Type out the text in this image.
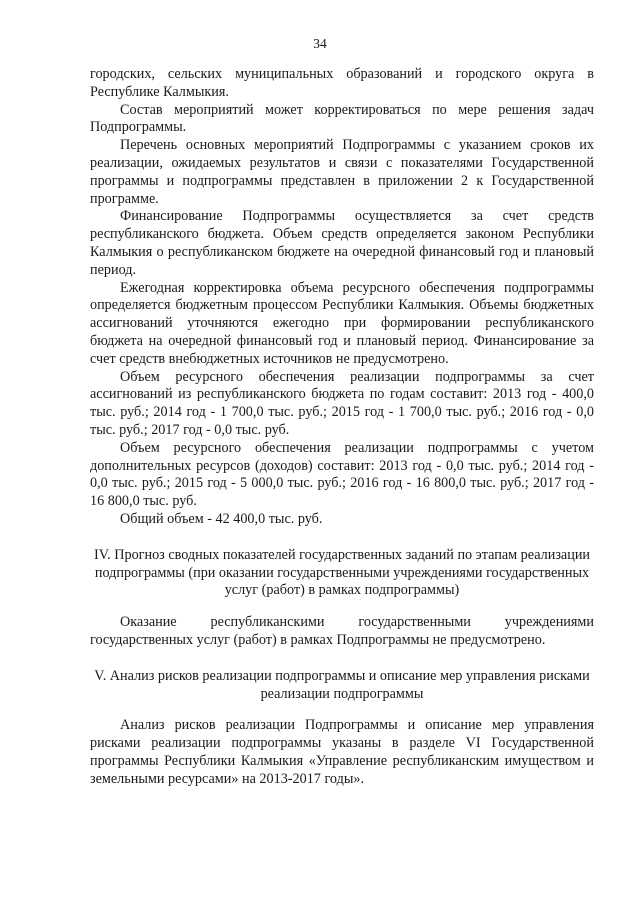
34

городских, сельских муниципальных образований и городского округа в Республике Калмыкия.

Состав мероприятий может корректироваться по мере решения задач Подпрограммы.

Перечень основных мероприятий Подпрограммы с указанием сроков их реализации, ожидаемых результатов и связи с показателями Государственной программы и подпрограммы представлен в приложении 2 к Государственной программе.

Финансирование Подпрограммы осуществляется за счет средств республиканского бюджета. Объем средств определяется законом Республики Калмыкия о республиканском бюджете на очередной финансовый год и плановый период.

Ежегодная корректировка объема ресурсного обеспечения подпрограммы определяется бюджетным процессом Республики Калмыкия. Объемы бюджетных ассигнований уточняются ежегодно при формировании республиканского бюджета на очередной финансовый год и плановый период. Финансирование за счет средств внебюджетных источников не предусмотрено.

Объем ресурсного обеспечения реализации подпрограммы за счет ассигнований из республиканского бюджета по годам составит: 2013 год - 400,0 тыс. руб.; 2014 год - 1 700,0 тыс. руб.; 2015 год - 1 700,0 тыс. руб.; 2016 год - 0,0 тыс. руб.; 2017 год - 0,0 тыс. руб.

Объем ресурсного обеспечения реализации подпрограммы с учетом дополнительных ресурсов (доходов) составит: 2013 год - 0,0 тыс. руб.; 2014 год - 0,0 тыс. руб.; 2015 год - 5 000,0 тыс. руб.; 2016 год - 16 800,0 тыс. руб.; 2017 год - 16 800,0 тыс. руб.

Общий объем - 42 400,0 тыс. руб.

IV. Прогноз сводных показателей государственных заданий по этапам реализации подпрограммы (при оказании государственными учреждениями государственных услуг (работ) в рамках подпрограммы)

Оказание республиканскими государственными учреждениями государственных услуг (работ) в рамках Подпрограммы не предусмотрено.

V. Анализ рисков реализации подпрограммы и описание мер управления рисками реализации подпрограммы

Анализ рисков реализации Подпрограммы и описание мер управления рисками реализации подпрограммы указаны в разделе VI Государственной программы Республики Калмыкия «Управление республиканским имуществом и земельными ресурсами» на 2013-2017 годы».
